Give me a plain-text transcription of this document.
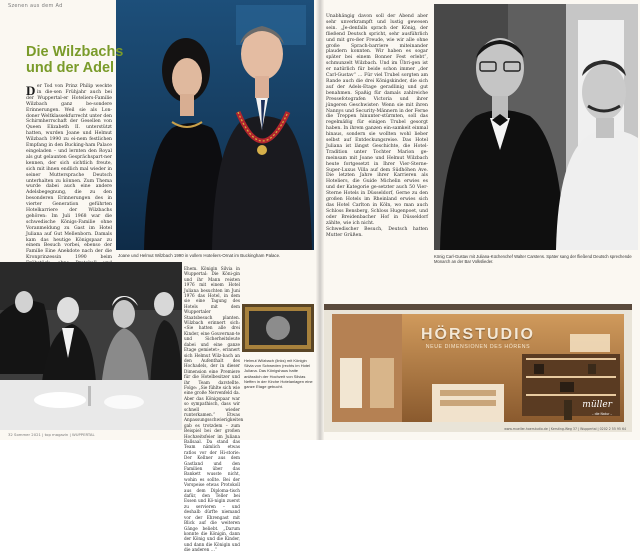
Szenen aus dem Ad
Die Wilzbachs
und der Adel
D er Tod von Prinz Philip weckte in die-sen Frühjahr auch bei der Wuppertal-er Hoteliers-Familie Wilzbach ganz be-sondere Erinnerungen. Weil sie als Lon-doner Weltklassekfurrecht unter den Schirmherrschaft der Gesellen von Queen Elizabeth II. unterstützt hatten, wurden Joane und Helmut Wilzbach 1990 zu ei-nem festlichen Empfang in den Bucking-ham Palace eingeladen – und lernten den Royal als gut gelaunten Gesprächspart-ner kennen, der sich sichtlich freute, sich mit ihnen endlich mal wieder in seiner Muttersprache Deutsch unterhalten zu können. Zum Thema wurde dabei auch eine andere Adelsbegegnung, die zu den besonderen Erinnerungen des in vierter Generation geführten Hotelkarriere der Wilzbachs gehören: Im Juli 1968 war die schwedische Königs-Familie ohne Voranmeldung zu Gast im Hotel Juliana auf Gut Mellenborn. Damals kam das heutige Königspaar zu einem Besuch vorbei, ebenso der Familie Eine Anekdote nach der die Kronprinzessin 1990 beim Joane und Helmut Wilzbach 1990 in vollem Hoteliers-Ornat im Buckingham Palace.
Ehem. Königin Silvia in Wuppertal: Die Köni-gin und ihr Mann reisten 1976 mit einem Hotel Juliana besuchten im Juni 1976 das Hotel, in dem sie eine Tagung des Hotels mit dem Wuppertaler Staatsbesuch planten. Wilzbach erinnert sich: «Sie hatten alle drei Kinder, eine Gouvernan-te und Sicherheitsleute dabei und eine ganze Etage gemietet», erinnert sich Helmut Wilz-bach an den Aufenthalt des Hochadels, der in dieser Dimension eine Premiere für die Hotelbesitzer und ihr Team darstellte. Folge: „Sie fühlte sich wie eine große Nervenfeld da. Aber das Königspaar war so sympathisch, dass wir schnell wieder runterkamen.“ Etwas Anpassungsschwierigkeiten gab es trotzdem – zum Beispiel bei der großen Hochzeitsfeier im Juliana Ballsaal. Da stand das Team nämlich etwas ratlos vor der Hi-storie: Der Kellner aus dem Gastland und den Familien über das Bankett wusste nicht, wohin es sollte. Bei der Vorspeise etwas Protokoll aus dem Diploma-tisch dafür, den Teller bei Essen und Kö-nigin zuerst zu servieren – und deshalb dürfte niemand vor der Ehrengast mit Blick auf die weiteren Gänge beliebt. „Darum konnte die Königin, dann der König und die Kinder, und dann die Königin und die anderen …“
Helmut Wilzbach (links) mit Königin Silvia von Schweden (rechts im Hotel Juliana. Das Königshaus hatte anlässlich der Hochzeit von Silvias Neffen in der Kirche Hotelanlagen eine ganze Etage gebucht.
32 Sommer 2021 | top magazin | WUPPERTAL
Unabhängig davon soll der Abend aber sehr unverkrampft und lustig gewesen sein. „Je-denfalls sprach der König, der fließend Deutsch spricht, sehr ausführlich und mit gro-ßer Freude, wie wir alle ohne große Sprach-barriere miteinander plaudern konnten. Wir haben es sogar später bei einem Bonner Fest erlebt“, schmunzelt Wilzbach. Und im Übri-gen ist er natürlich für beide schon immer „der Carl-Gustav“ … Für viel Trubel sorgten am Rande auch die drei Königskinder, die sich auf der Adels-Etage geradlinig und gut benahmen. Spaßig für damals zahlreiche Pressefotografen Victoria und ihrer jüngeren Geschwister: Wenn sie mit ihren Nannys und Security-Männern in der Ferne die Treppen hinunter-stürmten, soll das regelmäßig für einigen Trubel gesorgt haben. In ihrem ganzen ein-samkeit einmal hinaus, sondern sie wollten wohl lieber selbst auf Entdeckungsreise. Das Hotel Juliana ist längst Geschichte, die Hotel-Tradition unter Tochter Marion ge-meinsam mit Joane und Helmut Wilzbach heute fortgesetzt in Ihrer Vier-Sterne-Super-Luxus Villa auf dem Südhöhen Ave. Die letzten Jahre ihrer Karrieren als Hoteliers, die Guide Michelin erwies es und der Kategorie ge-setzter auch 50 Vier-Sterne Hotels in Düsseldorf, Gerne zu den großen Hotels im Rheinland erwies sich das Hotel Carlton in Köln, wo man auch Schloss Bensberg, Schloss Hugenpoet, und oder Breidenbacher Hof in Düsseldorf zählte, wie ich nicht.

Schwedischer Besuch, Deutsch hatten Mutter Grüßen.

König Carl-Gustav mit Juliana-Küchenchef Walter Carstens. Später sang der fließend Deutsch sprechende Monarch an der Bar Volkslieder.
HÖRSTUDIO
NEUE DIMENSIONEN DES HÖRENS
müller
– die Natur –
www.mueller-hoerstudio.de | Kersting-Weg 37 | Wuppertal | 0202 2 55 95 64
